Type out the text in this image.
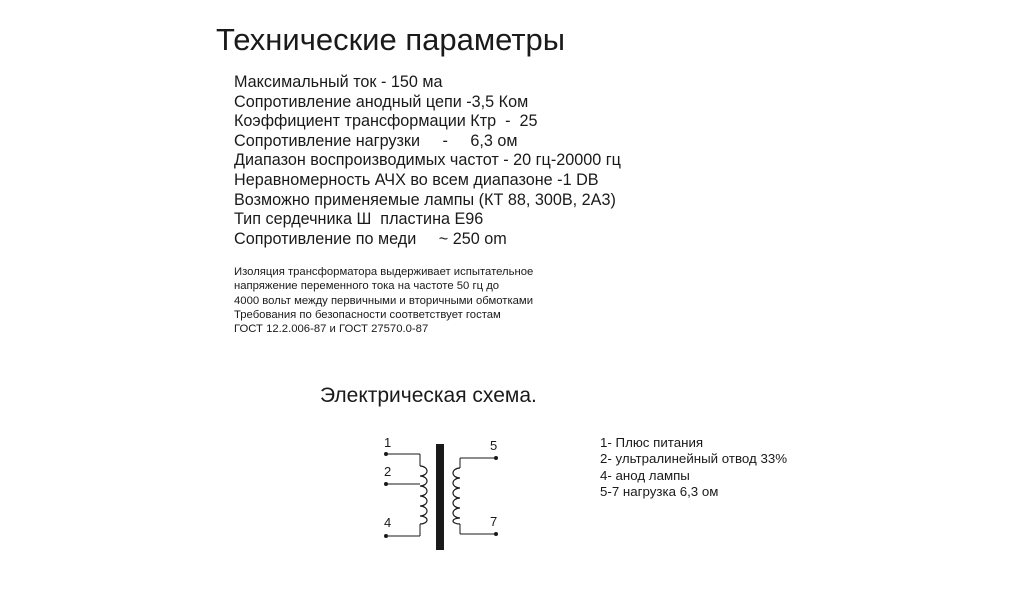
Технические параметры
Максимальный ток - 150 ма
Сопротивление анодный цепи -3,5 Ком
Коэффициент трансформации Ктр  -  25
Сопротивление нагрузки     -     6,3 ом
Диапазон воспроизводимых частот - 20 гц-20000 гц
Неравномерность АЧХ во всем диапазоне -1 DB
Возможно применяемые лампы (КТ 88, 300В, 2А3)
Тип сердечника Ш  пластина Е96
Сопротивление по меди     ~ 250 om
Изоляция трансформатора выдерживает испытательное
напряжение переменного тока на частоте 50 гц до
4000 вольт между первичными и вторичными обмотками
Требования по безопасности соответствует гостам
ГОСТ 12.2.006-87 и ГОСТ 27570.0-87
Электрическая схема.
1
2
4
5
7
1- Плюс питания
2- ультралинейный отвод 33%
4- анод лампы
5-7 нагрузка 6,3 ом
